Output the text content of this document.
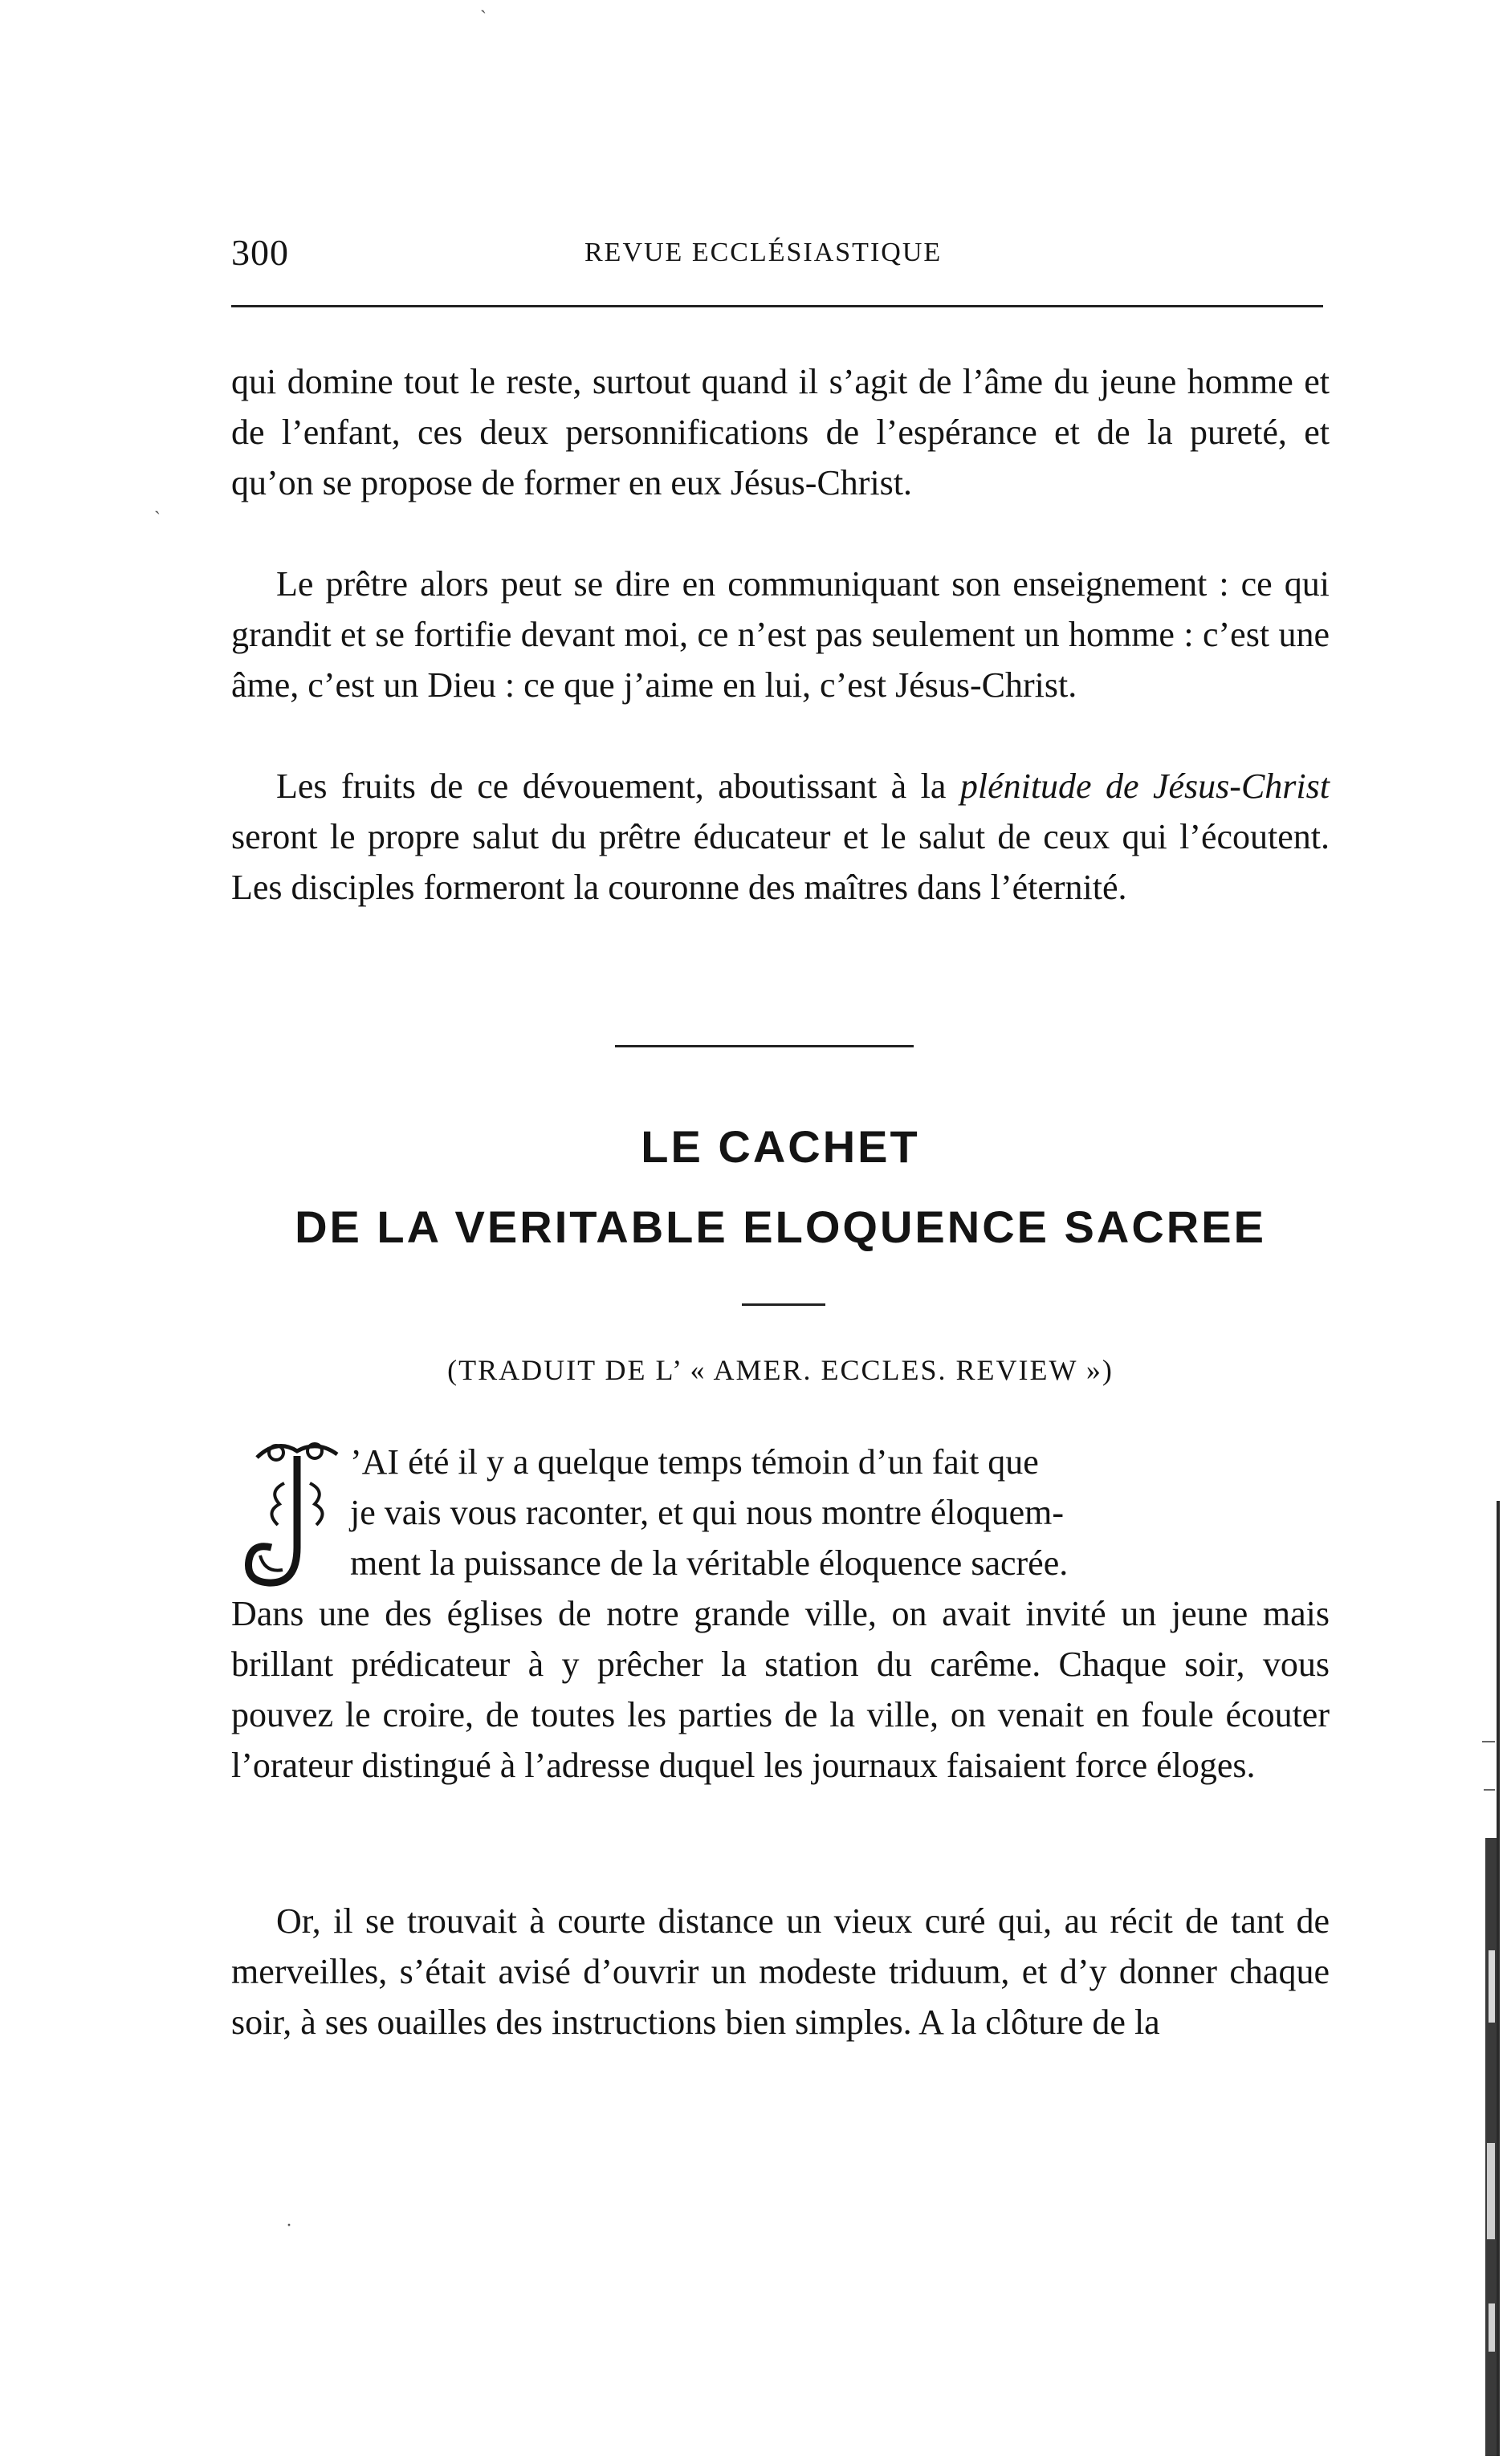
300	REVUE ECCLÉSIASTIQUE

qui domine tout le reste, surtout quand il s’agit de l’âme du jeune homme et de l’enfant, ces deux personnifications de l’espérance et de la pureté, et qu’on se propose de former en eux Jésus-Christ.

Le prêtre alors peut se dire en communiquant son enseignement : ce qui grandit et se fortifie devant moi, ce n’est pas seulement un homme : c’est une âme, c’est un Dieu : ce que j’aime en lui, c’est Jésus-Christ.

Les fruits de ce dévouement, aboutissant à la plénitude de Jésus-Christ seront le propre salut du prêtre éducateur et le salut de ceux qui l’écoutent. Les disciples formeront la couronne des maîtres dans l’éternité.

LE CACHET
DE LA VERITABLE ELOQUENCE SACREE

(TRADUIT DE L’ « AMER. ECCLES. REVIEW »)

’AI été il y a quelque temps témoin d’un fait que
je vais vous raconter, et qui nous montre éloquem-
ment la puissance de la véritable éloquence sacrée.
Dans une des églises de notre grande ville, on avait invité un jeune mais brillant prédicateur à y prêcher la station du carême. Chaque soir, vous pouvez le croire, de toutes les parties de la ville, on venait en foule écouter l’orateur distingué à l’adresse duquel les journaux faisaient force éloges.

Or, il se trouvait à courte distance un vieux curé qui, au récit de tant de merveilles, s’était avisé d’ouvrir un modeste triduum, et d’y donner chaque soir, à ses ouailles des instructions bien simples. A la clôture de la

ˋ
ˋ
·
